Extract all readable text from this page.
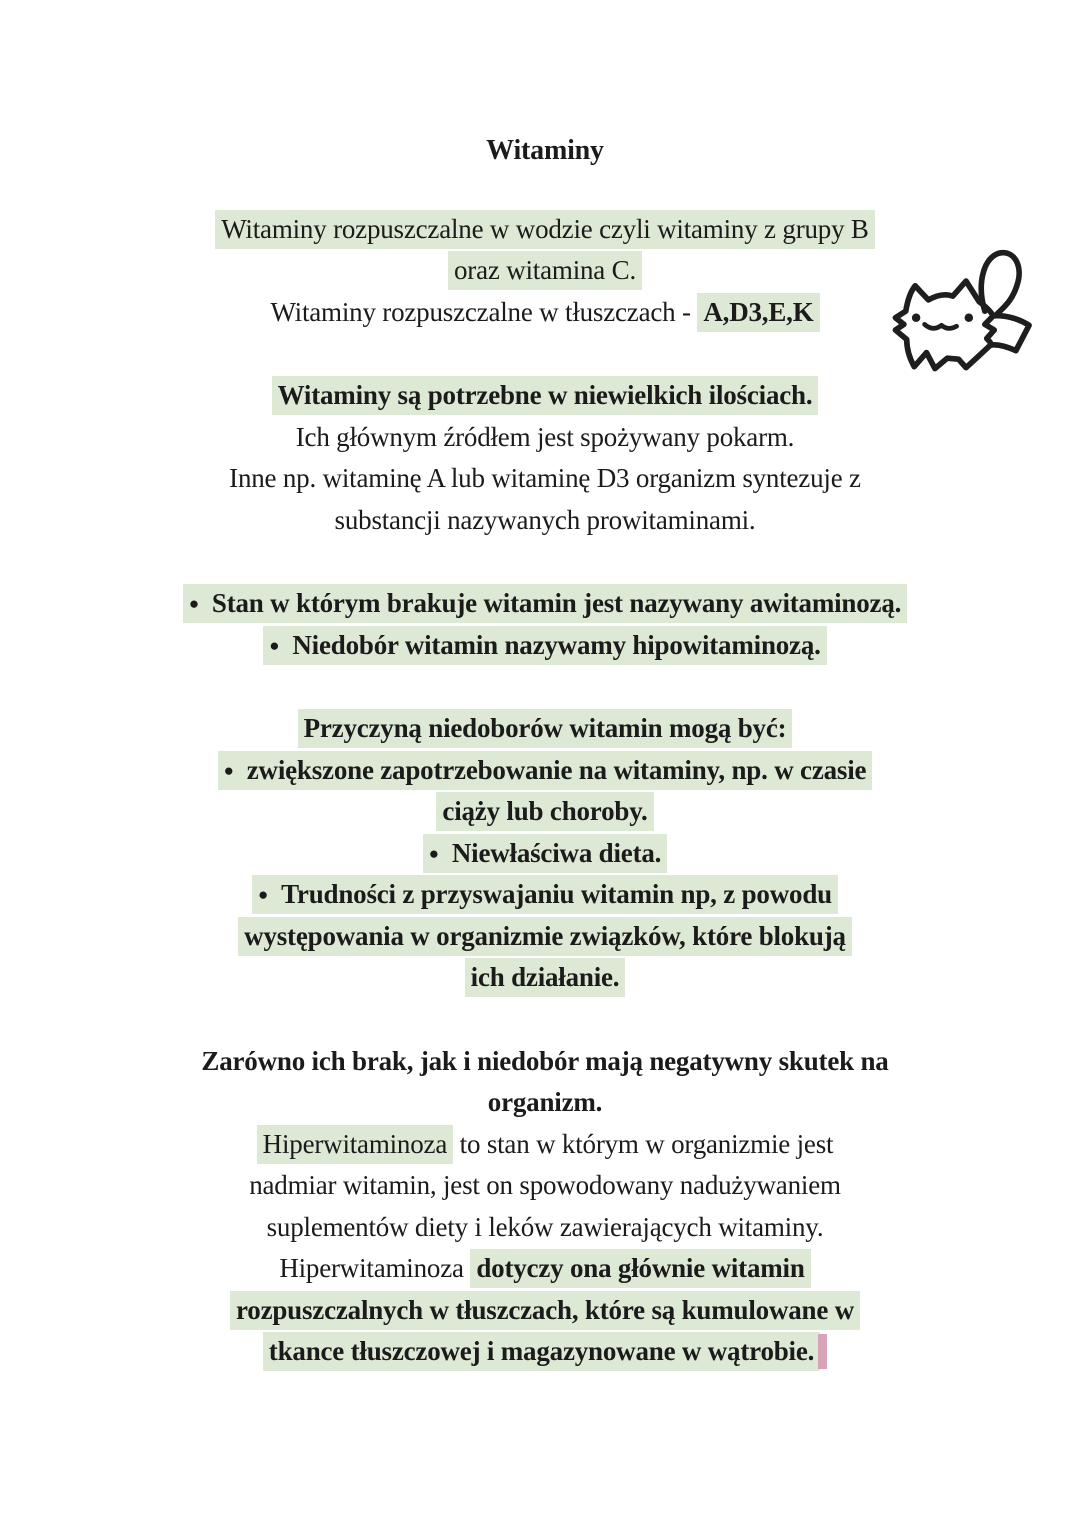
Witaminy
Witaminy rozpuszczalne w wodzie czyli witaminy z grupy B
oraz witamina C.
Witaminy rozpuszczalne w tłuszczach - A,D3,E,K
Witaminy są potrzebne w niewielkich ilościach.
Ich głównym źródłem jest spożywany pokarm.
Inne np. witaminę A lub witaminę D3 organizm syntezuje z
substancji nazywanych prowitaminami.
● Stan w którym brakuje witamin jest nazywany awitaminozą.
● Niedobór witamin nazywamy hipowitaminozą.
Przyczyną niedoborów witamin mogą być:
● zwiększone zapotrzebowanie na witaminy, np. w czasie
ciąży lub choroby.
● Niewłaściwa dieta.
● Trudności z przyswajaniu witamin np, z powodu
występowania w organizmie związków, które blokują
ich działanie.
Zarówno ich brak, jak i niedobór mają negatywny skutek na
organizm.
Hiperwitaminoza to stan w którym w organizmie jest
nadmiar witamin, jest on spowodowany nadużywaniem
suplementów diety i leków zawierających witaminy.
Hiperwitaminoza dotyczy ona głównie witamin
rozpuszczalnych w tłuszczach, które są kumulowane w
tkance tłuszczowej i magazynowane w wątrobie.
